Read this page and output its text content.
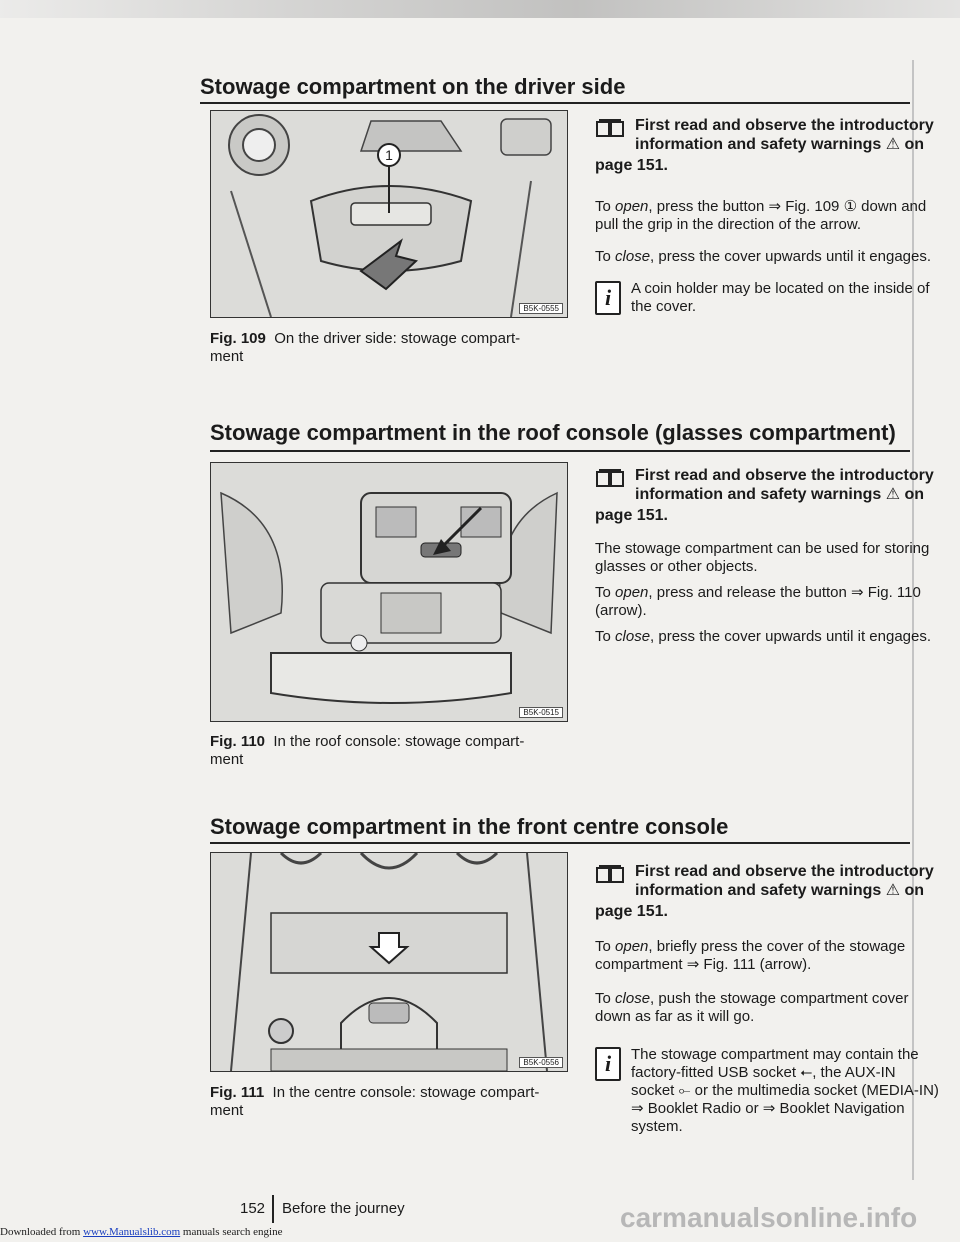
Stowage compartment on the driver side
1
B5K-0555
Fig. 109 On the driver side: stowage compart-ment
First read and observe the introductory
information and safety warnings ⚠ on
page 151.
To open, press the button ⇒ Fig. 109 ① down and pull the grip in the direction of the arrow.
To close, press the cover upwards until it engages.
i	A coin holder may be located on the inside of the cover.
Stowage compartment in the roof console (glasses compartment)
B5K-0515
Fig. 110 In the roof console: stowage compart-ment
First read and observe the introductory
information and safety warnings ⚠ on
page 151.
The stowage compartment can be used for storing glasses or other objects.
To open, press and release the button ⇒ Fig. 110 (arrow).
To close, press the cover upwards until it engages.
Stowage compartment in the front centre console
B5K-0556
Fig. 111 In the centre console: stowage compart-ment
First read and observe the introductory
information and safety warnings ⚠ on
page 151.
To open, briefly press the cover of the stowage compartment ⇒ Fig. 111 (arrow).
To close, push the stowage compartment cover down as far as it will go.
i	The stowage compartment may contain the factory-fitted USB socket ⭠, the AUX-IN socket ⟜ or the multimedia socket (MEDIA-IN) ⇒ Booklet Radio or ⇒ Booklet Navigation system.
152 Before the journey	carmanualsonline.info
Downloaded from www.Manualslib.com manuals search engine
